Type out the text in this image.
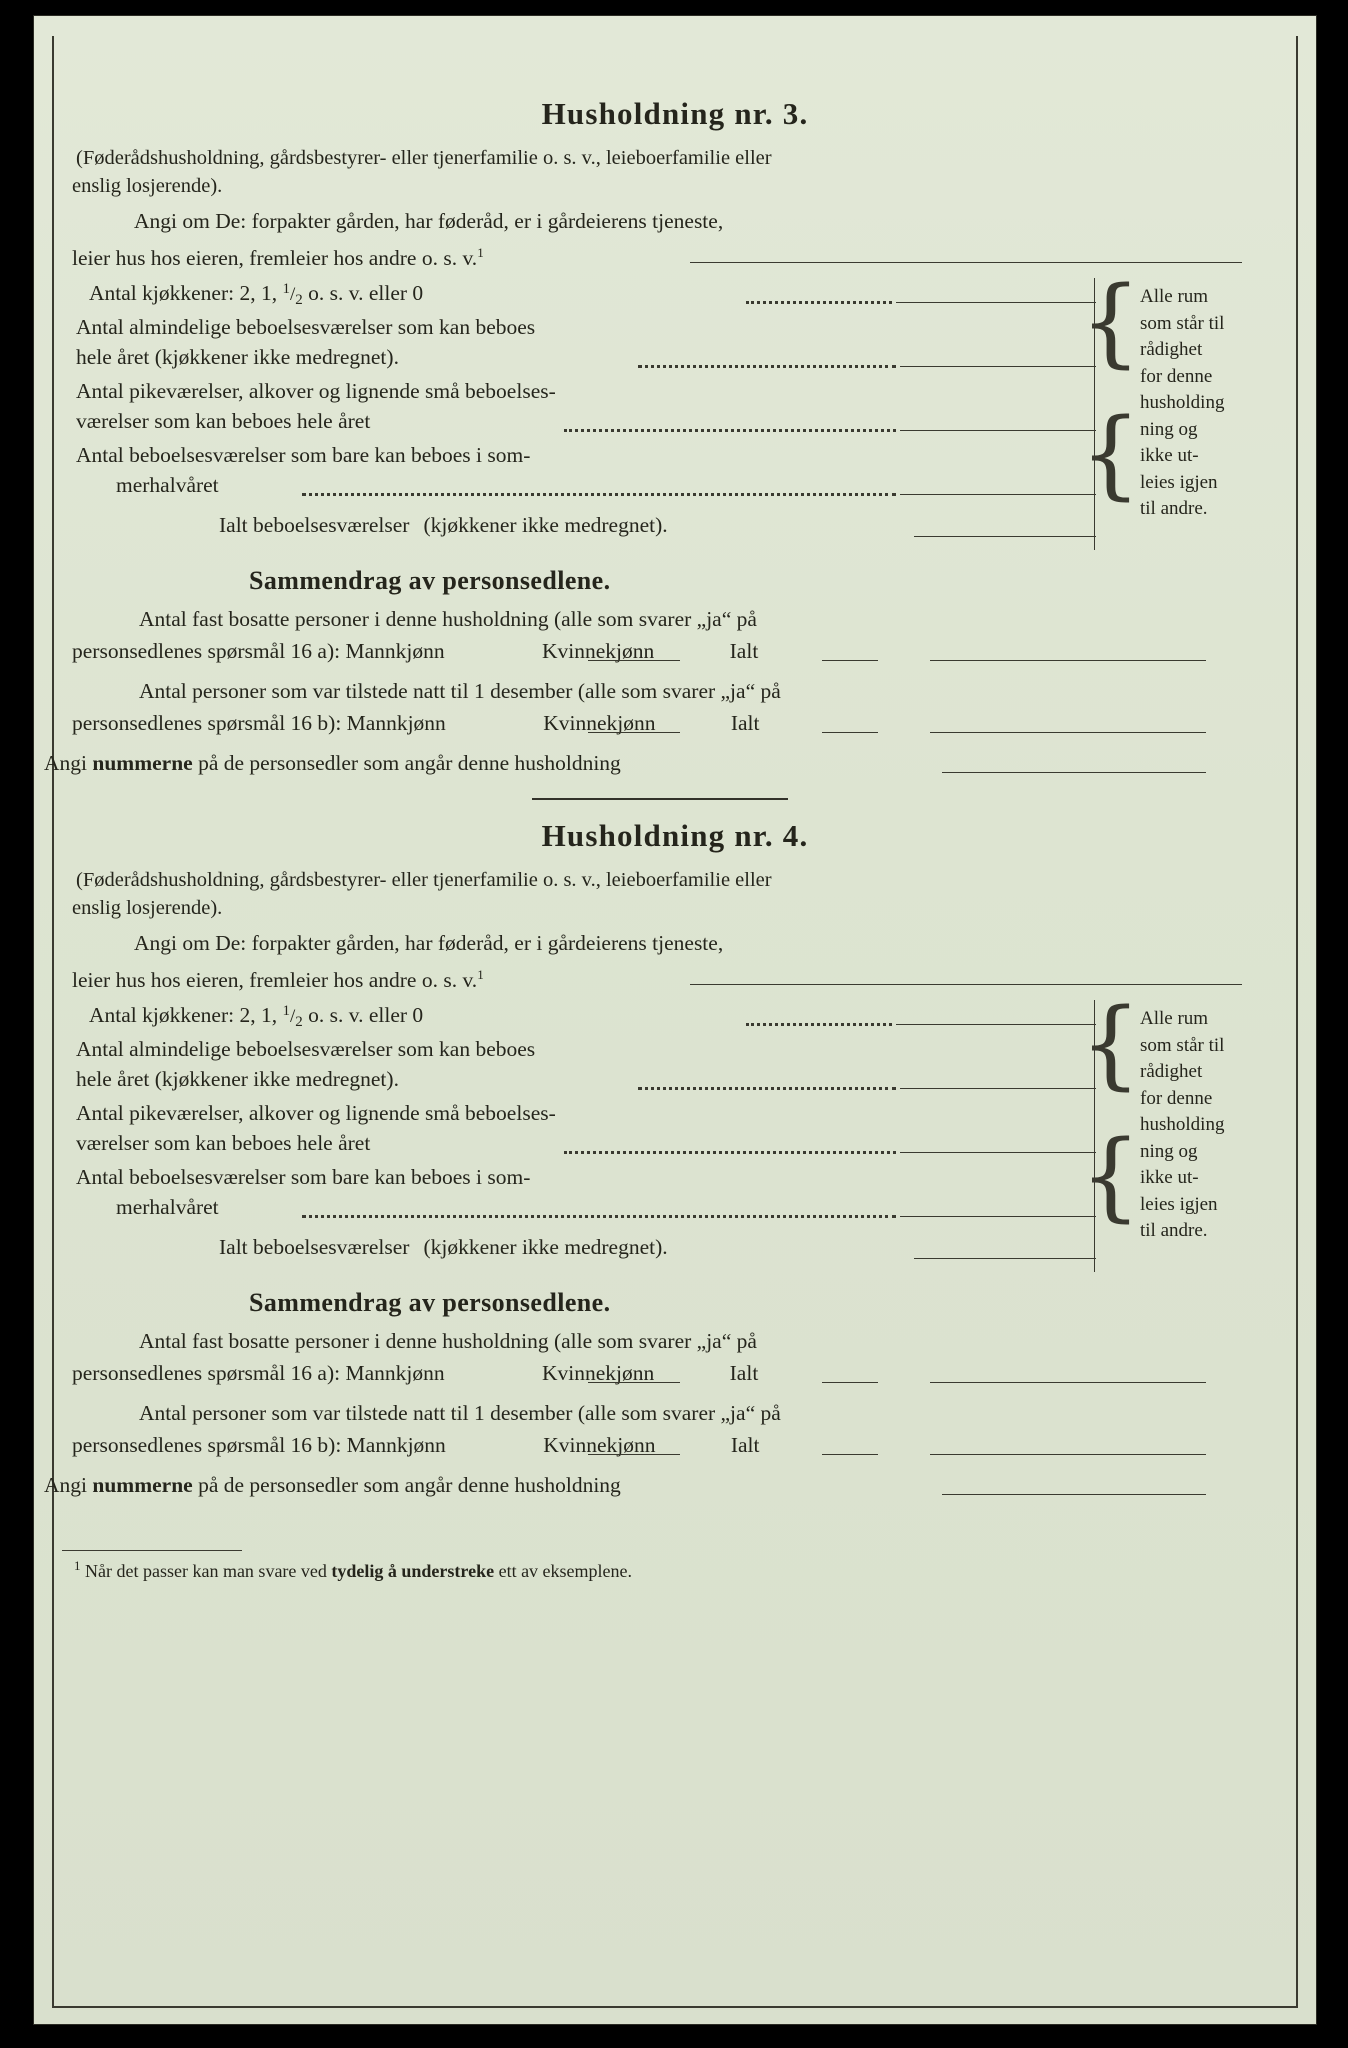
Husholdning nr. 3.
(Føderådshusholdning, gårdsbestyrer- eller tjenerfamilie o. s. v., leieboerfamilie eller
enslig losjerende).
Angi om De: forpakter gården, har føderåd, er i gårdeierens tjeneste,
leier hus hos eieren, fremleier hos andre o. s. v.$^1$
Antal kjøkkener: 2, 1, $^1$/2 o. s. v. eller 0
Antal almindelige beboelsesværelser som kan beboes
hele året (kjøkkener ikke medregnet).
Antal pikeværelser, alkover og lignende små beboelses-
værelser som kan beboes hele året
Antal beboelsesværelser som bare kan beboes i som-
merhalvåret
Ialt beboelsesværelser (kjøkkener ikke medregnet).
{
{
Alle rum
som står til
rådighet
for denne
husholding
ning og
ikke ut-
leies igjen
til andre.
Sammendrag av personsedlene.
Antal fast bosatte personer i denne husholdning (alle som svarer „ja“ på
personsedlenes spørsmål 16 a): Mannkjønn	Kvinnekjønn	Ialt
Antal personer som var tilstede natt til 1 desember (alle som svarer „ja“ på
personsedlenes spørsmål 16 b): Mannkjønn	Kvinnekjønn	Ialt
Angi nummerne på de personsedler som angår denne husholdning
Husholdning nr. 4.
(Føderådshusholdning, gårdsbestyrer- eller tjenerfamilie o. s. v., leieboerfamilie eller
enslig losjerende).
Angi om De: forpakter gården, har føderåd, er i gårdeierens tjeneste,
leier hus hos eieren, fremleier hos andre o. s. v.$^1$
Antal kjøkkener: 2, 1, $^1$/2 o. s. v. eller 0
Antal almindelige beboelsesværelser som kan beboes
hele året (kjøkkener ikke medregnet).
Antal pikeværelser, alkover og lignende små beboelses-
værelser som kan beboes hele året
Antal beboelsesværelser som bare kan beboes i som-
merhalvåret
Ialt beboelsesværelser (kjøkkener ikke medregnet).
{
{
Alle rum
som står til
rådighet
for denne
husholding
ning og
ikke ut-
leies igjen
til andre.
Sammendrag av personsedlene.
Antal fast bosatte personer i denne husholdning (alle som svarer „ja“ på
personsedlenes spørsmål 16 a): Mannkjønn	Kvinnekjønn	Ialt
Antal personer som var tilstede natt til 1 desember (alle som svarer „ja“ på
personsedlenes spørsmål 16 b): Mannkjønn	Kvinnekjønn	Ialt
Angi nummerne på de personsedler som angår denne husholdning
$^1$ Når det passer kan man svare ved tydelig å understreke ett av eksemplene.
